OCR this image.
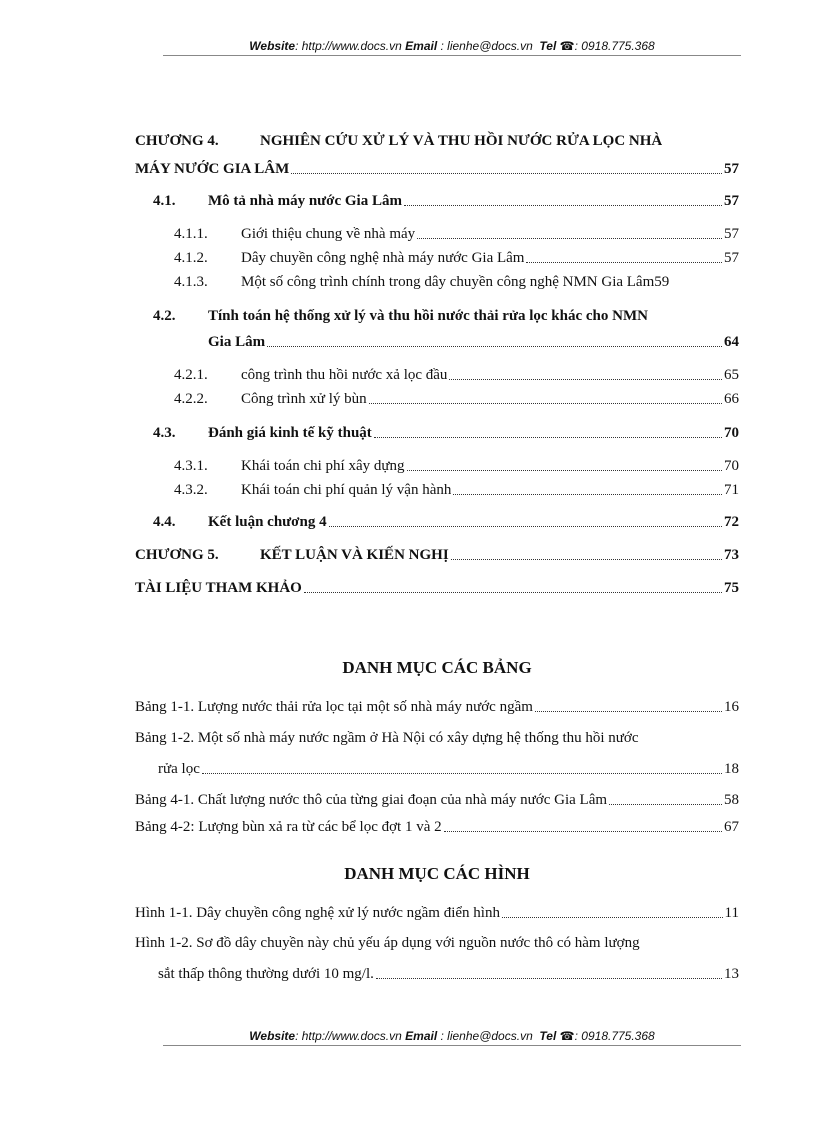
Website: http://www.docs.vn Email : lienhe@docs.vn Tel ☎: 0918.775.368
CHƯƠNG 4.	NGHIÊN CỨU XỬ LÝ VÀ THU HỒI NƯỚC RỬA LỌC NHÀ
MÁY NƯỚC GIA LÂM	57
4.1.	Mô tả nhà máy nước Gia Lâm	57
4.1.1.	Giới thiệu chung về nhà máy	57
4.1.2.	Dây chuyền công nghệ nhà máy nước Gia Lâm	57
4.1.3.	Một số công trình chính trong dây chuyền công nghệ NMN Gia Lâm 59
4.2.	Tính toán hệ thống xử lý và thu hồi nước thải rửa lọc khác cho NMN
Gia Lâm	64
4.2.1.	công trình thu hồi nước xả lọc đầu	65
4.2.2.	Công trình xử lý bùn	66
4.3.	Đánh giá kinh tế kỹ thuật	70
4.3.1.	Khái toán chi phí xây dựng	70
4.3.2.	Khái toán chi phí quản lý vận hành	71
4.4.	Kết luận chương 4	72
CHƯƠNG 5.	KẾT LUẬN VÀ KIẾN NGHỊ	73
TÀI LIỆU THAM KHẢO	75
DANH MỤC CÁC BẢNG
Bảng 1-1. Lượng nước thải rửa lọc tại một số nhà máy nước ngầm	16
Bảng 1-2. Một số nhà máy nước ngầm ở Hà Nội có xây dựng hệ thống thu hồi nước
rửa lọc	18
Bảng 4-1. Chất lượng nước thô của từng giai đoạn của nhà máy nước Gia Lâm	58
Bảng 4-2: Lượng bùn xả ra từ các bể lọc đợt 1 và 2	67
DANH MỤC CÁC HÌNH
Hình 1-1. Dây chuyền công nghệ xử lý nước ngầm điển hình	11
Hình 1-2. Sơ đồ dây chuyền này chủ yếu áp dụng với nguồn nước thô có hàm lượng
sắt thấp thông thường dưới 10 mg/l.	13
Website: http://www.docs.vn Email : lienhe@docs.vn Tel ☎: 0918.775.368
